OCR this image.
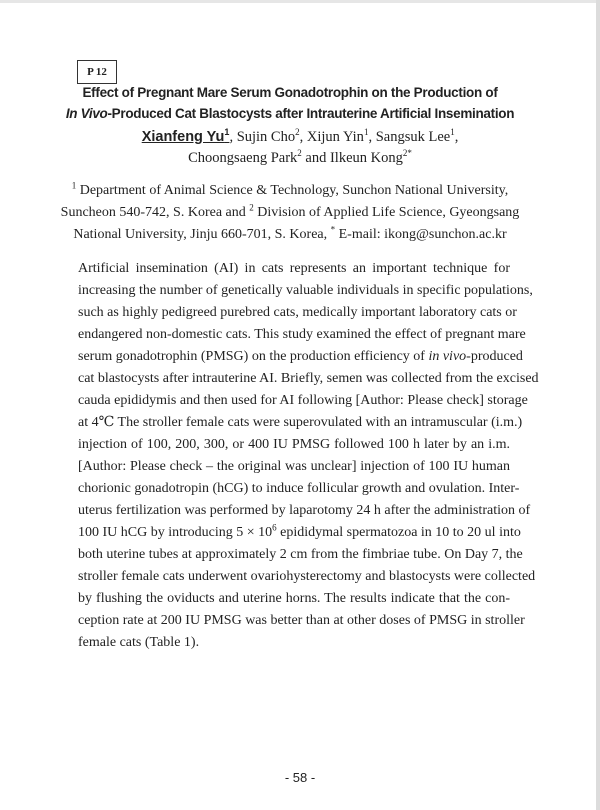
P 12
Effect of Pregnant Mare Serum Gonadotrophin on the Production of
In Vivo-Produced Cat Blastocysts after Intrauterine Artificial Insemination
Xianfeng Yu$^1$, Sujin Cho$^2$, Xijun Yin$^1$, Sangsuk Lee$^1$,
Choongsaeng Park$^2$ and Ilkeun Kong$^{2*}$
$^1$ Department of Animal Science & Technology, Sunchon National University,
Suncheon 540-742, S. Korea and $^2$ Division of Applied Life Science, Gyeongsang
National University, Jinju 660-701, S. Korea, * E-mail: ikong@sunchon.ac.kr
Artificial insemination (AI) in cats represents an important technique for
increasing the number of genetically valuable individuals in specific populations,
such as highly pedigreed purebred cats, medically important laboratory cats or
endangered non-domestic cats. This study examined the effect of pregnant mare
serum gonadotrophin (PMSG) on the production efficiency of in vivo-produced
cat blastocysts after intrauterine AI. Briefly, semen was collected from the excised
cauda epididymis and then used for AI following [Author: Please check] storage
at 4℃ The stroller female cats were superovulated with an intramuscular (i.m.)
injection of 100, 200, 300, or 400 IU PMSG followed 100 h later by an i.m.
[Author: Please check – the original was unclear] injection of 100 IU human
chorionic gonadotropin (hCG) to induce follicular growth and ovulation. Inter-
uterus fertilization was performed by laparotomy 24 h after the administration of
100 IU hCG by introducing $5 \times 10^6$ epididymal spermatozoa in 10 to 20 ul into
both uterine tubes at approximately 2 cm from the fimbriae tube. On Day 7, the
stroller female cats underwent ovariohysterectomy and blastocysts were collected
by flushing the oviducts and uterine horns. The results indicate that the con-
ception rate at 200 IU PMSG was better than at other doses of PMSG in stroller
female cats (Table 1).
- 58 -
